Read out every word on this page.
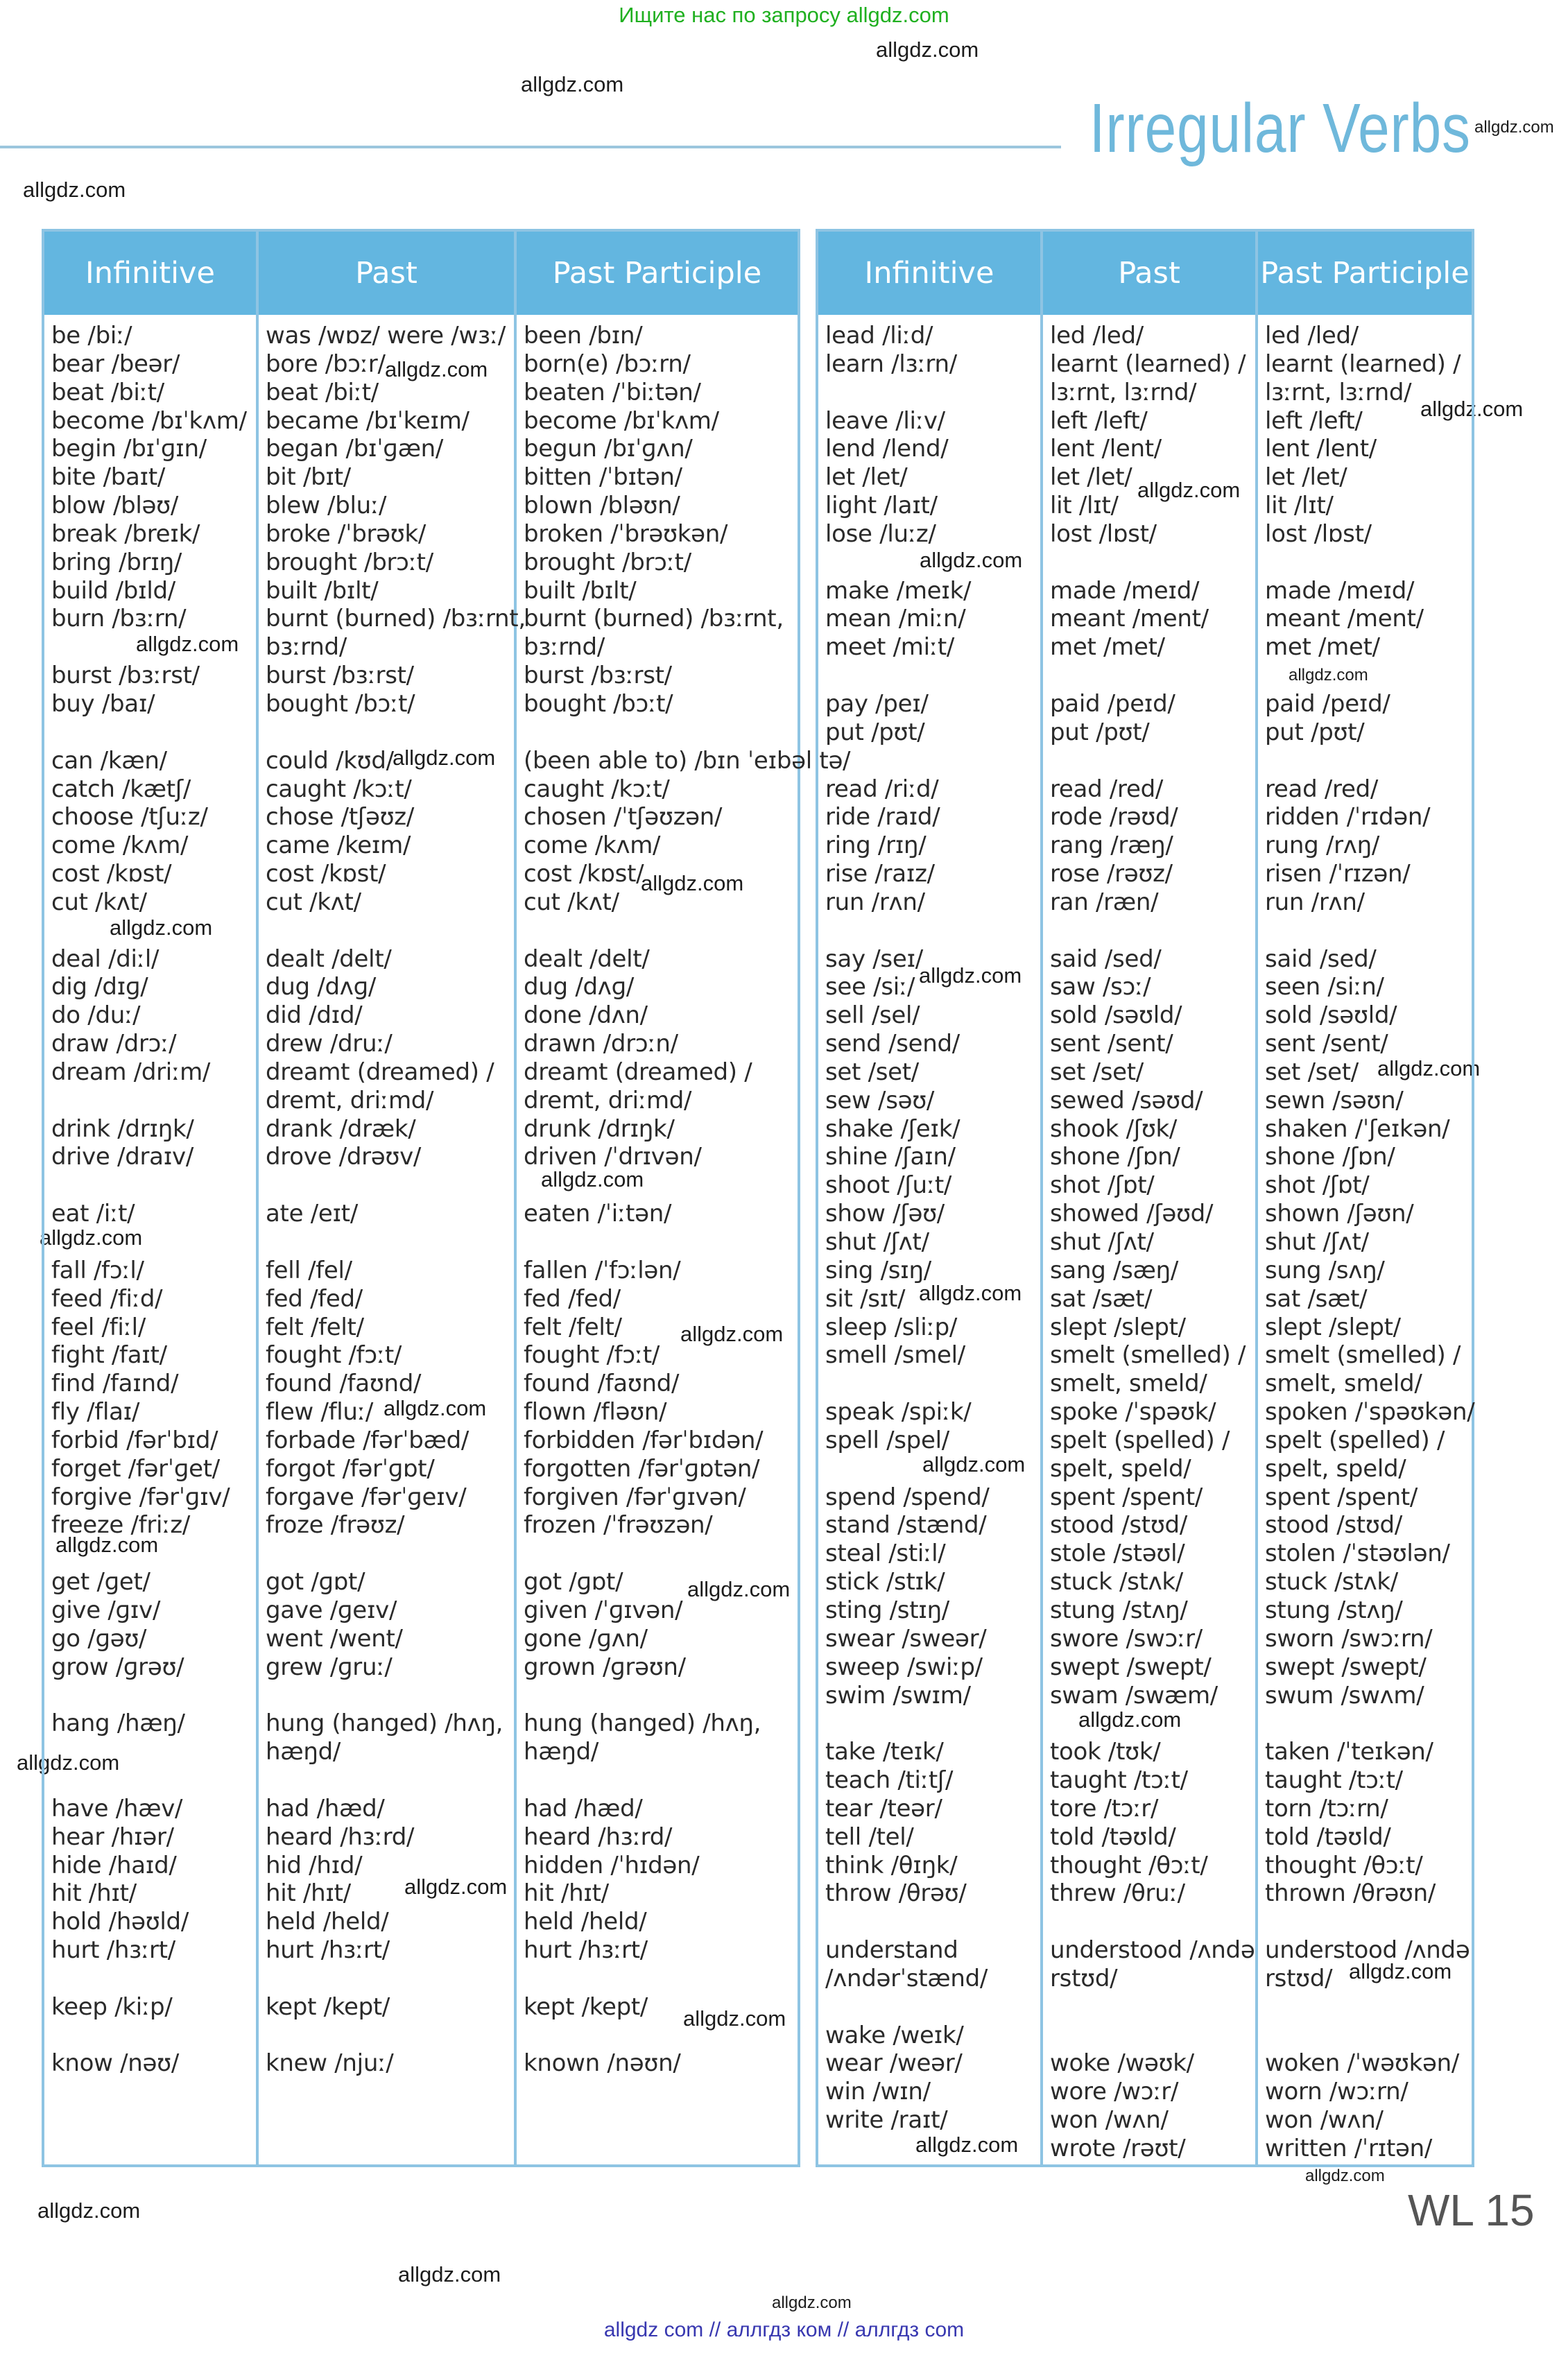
Ищите нас по запросу allgdz.com
allgdz.com
allgdz.com
allgdz.com
allgdz.com
allgdz.com
allgdz.com
allgdz.com
allgdz.com
allgdz.com
allgdz.com
allgdz.com
allgdz.com
allgdz.com
allgdz.com
allgdz.com
allgdz.com
allgdz.com
allgdz.com
allgdz.com
allgdz.com
allgdz.com
allgdz.com
allgdz.com
allgdz.com
allgdz.com
allgdz.com
allgdz.com
allgdz.com
allgdz.com
allgdz.com
allgdz.com
allgdz.com
allgdz.com
Irregular Verbs
Infinitive
be /biː/
bear /beər/
beat /biːt/
become /bɪˈkʌm/
begin /bɪˈɡɪn/
bite /baɪt/
blow /bləʊ/
break /breɪk/
bring /brɪŋ/
build /bɪld/
burn /bɜːrn/
burst /bɜːrst/
buy /baɪ/
can /kæn/
catch /kætʃ/
choose /tʃuːz/
come /kʌm/
cost /kɒst/
cut /kʌt/
deal /diːl/
dig /dɪɡ/
do /duː/
draw /drɔː/
dream /driːm/
drink /drɪŋk/
drive /draɪv/
eat /iːt/
fall /fɔːl/
feed /fiːd/
feel /fiːl/
fight /faɪt/
find /faɪnd/
fly /flaɪ/
forbid /fərˈbɪd/
forget /fərˈɡet/
forgive /fərˈɡɪv/
freeze /friːz/
get /ɡet/
give /ɡɪv/
go /ɡəʊ/
grow /ɡrəʊ/
hang /hæŋ/
have /hæv/
hear /hɪər/
hide /haɪd/
hit /hɪt/
hold /həʊld/
hurt /hɜːrt/
keep /kiːp/
know /nəʊ/
Past
was /wɒz/ were /wɜː/
bore /bɔːr/
beat /biːt/
became /bɪˈkeɪm/
began /bɪˈɡæn/
bit /bɪt/
blew /bluː/
broke /ˈbrəʊk/
brought /brɔːt/
built /bɪlt/
burnt (burned) /bɜːrnt,
bɜːrnd/
burst /bɜːrst/
bought /bɔːt/
could /kʊd/
caught /kɔːt/
chose /tʃəʊz/
came /keɪm/
cost /kɒst/
cut /kʌt/
dealt /delt/
dug /dʌɡ/
did /dɪd/
drew /druː/
dreamt (dreamed) /
dremt, driːmd/
drank /dræk/
drove /drəʊv/
ate /eɪt/
fell /fel/
fed /fed/
felt /felt/
fought /fɔːt/
found /faʊnd/
flew /fluː/
forbade /fərˈbæd/
forgot /fərˈɡɒt/
forgave /fərˈɡeɪv/
froze /frəʊz/
got /ɡɒt/
gave /ɡeɪv/
went /went/
grew /ɡruː/
hung (hanged) /hʌŋ,
hæŋd/
had /hæd/
heard /hɜːrd/
hid /hɪd/
hit /hɪt/
held /held/
hurt /hɜːrt/
kept /kept/
knew /njuː/
Past Participle
been /bɪn/
born(e) /bɔːrn/
beaten /ˈbiːtən/
become /bɪˈkʌm/
begun /bɪˈɡʌn/
bitten /ˈbɪtən/
blown /bləʊn/
broken /ˈbrəʊkən/
brought /brɔːt/
built /bɪlt/
burnt (burned) /bɜːrnt,
bɜːrnd/
burst /bɜːrst/
bought /bɔːt/
(been able to) /bɪn ˈeɪbəl tə/
caught /kɔːt/
chosen /ˈtʃəʊzən/
come /kʌm/
cost /kɒst/
cut /kʌt/
dealt /delt/
dug /dʌɡ/
done /dʌn/
drawn /drɔːn/
dreamt (dreamed) /
dremt, driːmd/
drunk /drɪŋk/
driven /ˈdrɪvən/
eaten /ˈiːtən/
fallen /ˈfɔːlən/
fed /fed/
felt /felt/
fought /fɔːt/
found /faʊnd/
flown /fləʊn/
forbidden /fərˈbɪdən/
forgotten /fərˈɡɒtən/
forgiven /fərˈɡɪvən/
frozen /ˈfrəʊzən/
got /ɡɒt/
given /ˈɡɪvən/
gone /ɡʌn/
grown /ɡrəʊn/
hung (hanged) /hʌŋ,
hæŋd/
had /hæd/
heard /hɜːrd/
hidden /ˈhɪdən/
hit /hɪt/
held /held/
hurt /hɜːrt/
kept /kept/
known /nəʊn/
Infinitive
lead /liːd/
learn /lɜːrn/
leave /liːv/
lend /lend/
let /let/
light /laɪt/
lose /luːz/
make /meɪk/
mean /miːn/
meet /miːt/
pay /peɪ/
put /pʊt/
read /riːd/
ride /raɪd/
ring /rɪŋ/
rise /raɪz/
run /rʌn/
say /seɪ/
see /siː/
sell /sel/
send /send/
set /set/
sew /səʊ/
shake /ʃeɪk/
shine /ʃaɪn/
shoot /ʃuːt/
show /ʃəʊ/
shut /ʃʌt/
sing /sɪŋ/
sit /sɪt/
sleep /sliːp/
smell /smel/
speak /spiːk/
spell /spel/
spend /spend/
stand /stænd/
steal /stiːl/
stick /stɪk/
sting /stɪŋ/
swear /sweər/
sweep /swiːp/
swim /swɪm/
take /teɪk/
teach /tiːtʃ/
tear /teər/
tell /tel/
think /θɪŋk/
throw /θrəʊ/
understand
/ʌndərˈstænd/
wake /weɪk/
wear /weər/
win /wɪn/
write /raɪt/
Past
led /led/
learnt (learned) /
lɜːrnt, lɜːrnd/
left /left/
lent /lent/
let /let/
lit /lɪt/
lost /lɒst/
made /meɪd/
meant /ment/
met /met/
paid /peɪd/
put /pʊt/
read /red/
rode /rəʊd/
rang /ræŋ/
rose /rəʊz/
ran /ræn/
said /sed/
saw /sɔː/
sold /səʊld/
sent /sent/
set /set/
sewed /səʊd/
shook /ʃʊk/
shone /ʃɒn/
shot /ʃɒt/
showed /ʃəʊd/
shut /ʃʌt/
sang /sæŋ/
sat /sæt/
slept /slept/
smelt (smelled) /
smelt, smeld/
spoke /ˈspəʊk/
spelt (spelled) /
spelt, speld/
spent /spent/
stood /stʊd/
stole /stəʊl/
stuck /stʌk/
stung /stʌŋ/
swore /swɔːr/
swept /swept/
swam /swæm/
took /tʊk/
taught /tɔːt/
tore /tɔːr/
told /təʊld/
thought /θɔːt/
threw /θruː/
understood /ʌndə
rstʊd/
woke /wəʊk/
wore /wɔːr/
won /wʌn/
wrote /rəʊt/
Past Participle
led /led/
learnt (learned) /
lɜːrnt, lɜːrnd/
left /left/
lent /lent/
let /let/
lit /lɪt/
lost /lɒst/
made /meɪd/
meant /ment/
met /met/
paid /peɪd/
put /pʊt/
read /red/
ridden /ˈrɪdən/
rung /rʌŋ/
risen /ˈrɪzən/
run /rʌn/
said /sed/
seen /siːn/
sold /səʊld/
sent /sent/
set /set/
sewn /səʊn/
shaken /ˈʃeɪkən/
shone /ʃɒn/
shot /ʃɒt/
shown /ʃəʊn/
shut /ʃʌt/
sung /sʌŋ/
sat /sæt/
slept /slept/
smelt (smelled) /
smelt, smeld/
spoken /ˈspəʊkən/
spelt (spelled) /
spelt, speld/
spent /spent/
stood /stʊd/
stolen /ˈstəʊlən/
stuck /stʌk/
stung /stʌŋ/
sworn /swɔːrn/
swept /swept/
swum /swʌm/
taken /ˈteɪkən/
taught /tɔːt/
torn /tɔːrn/
told /təʊld/
thought /θɔːt/
thrown /θrəʊn/
understood /ʌndə
rstʊd/
woken /ˈwəʊkən/
worn /wɔːrn/
won /wʌn/
written /ˈrɪtən/
WL 15
allgdz com // аллгдз ком // аллгдз com
